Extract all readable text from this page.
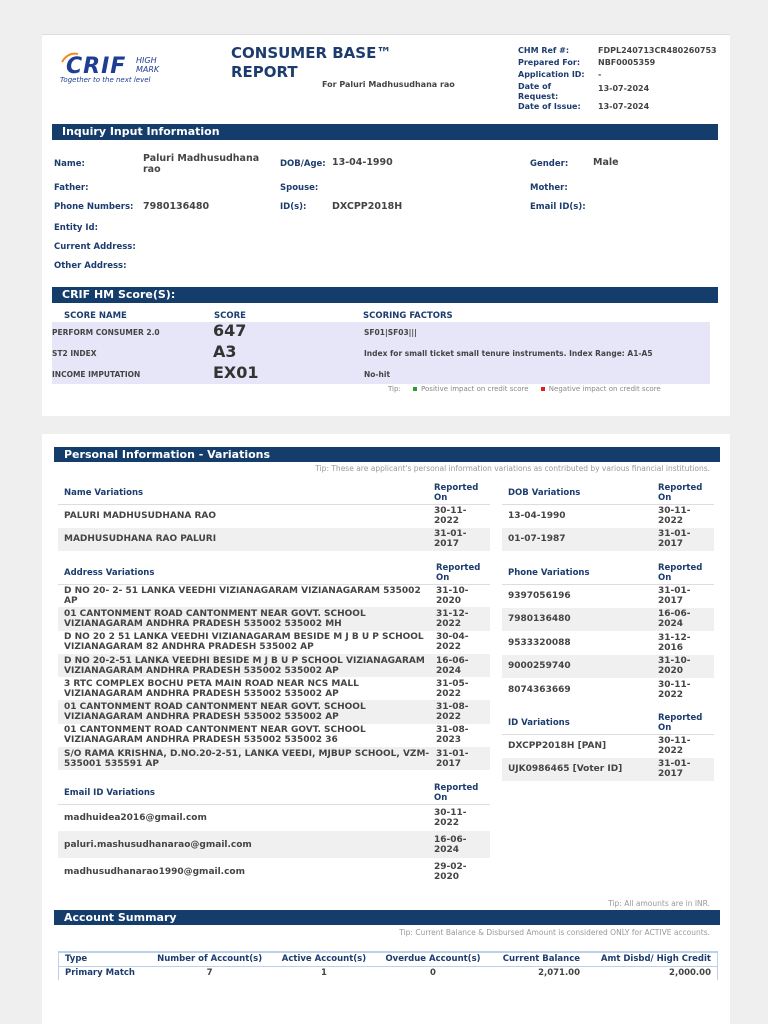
CRIF HIGH
MARK
Together to the next level
CONSUMER BASE™
REPORT
For Paluri Madhusudhana rao
CHM Ref #:	FDPL240713CR480260753
Prepared For:	NBF0005359
Application ID:	-
Date of Request:
13-07-2024
Date of Issue:	13-07-2024
Inquiry Input Information
Name:	Paluri Madhusudhana rao	DOB/Age: 13-04-1990	Gender:	Male
Father:	Spouse:	Mother:
Phone Numbers: 7980136480	ID(s):	DXCPP2018H	Email ID(s):
Entity Id:
Current Address:
Other Address:
CRIF HM Score(S):
SCORE NAME	SCORE	SCORING FACTORS
PERFORM CONSUMER 2.0	647	SF01|SF03|||
ST2 INDEX	A3	Index for small ticket small tenure instruments. Index Range: A1-A5
INCOME IMPUTATION	EX01	No-hit
Tip:	Positive impact on credit score	Negative impact on credit score
Personal Information - Variations
Tip: These are applicant's personal information variations as contributed by various financial institutions.
Name Variations	Reported On
PALURI MADHUSUDHANA RAO	30-11-2022
MADHUSUDHANA RAO PALURI	31-01-2017
DOB Variations	Reported On
13-04-1990	30-11-2022
01-07-1987	31-01-2017
Address Variations	Reported On
D NO 20- 2- 51 LANKA VEEDHI VIZIANAGARAM VIZIANAGARAM 535002 AP	31-10-2020
01 CANTONMENT ROAD CANTONMENT NEAR GOVT. SCHOOL VIZIANAGARAM ANDHRA PRADESH 535002 535002 MH	31-12-2022
D NO 20 2 51 LANKA VEEDHI VIZIANAGARAM BESIDE M J B U P SCHOOL VIZIANAGARAM 82 ANDHRA PRADESH 535002 AP	30-04-2022
D NO 20-2-51 LANKA VEEDHI BESIDE M J B U P SCHOOL VIZIANAGARAM VIZIANAGARAM ANDHRA PRADESH 535002 535002 AP	16-06-2024
3 RTC COMPLEX BOCHU PETA MAIN ROAD NEAR NCS MALL VIZIANAGARAM ANDHRA PRADESH 535002 535002 AP	31-05-2022
01 CANTONMENT ROAD CANTONMENT NEAR GOVT. SCHOOL VIZIANAGARAM ANDHRA PRADESH 535002 535002 AP	31-08-2022
01 CANTONMENT ROAD CANTONMENT NEAR GOVT. SCHOOL VIZIANAGARAM ANDHRA PRADESH 535002 535002 36	31-08-2023
S/O RAMA KRISHNA, D.NO.20-2-51, LANKA VEEDI, MJBUP SCHOOL, VZM-535001 535591 AP	31-01-2017
Phone Variations	Reported On
9397056196	31-01-2017
7980136480	16-06-2024
9533320088	31-12-2016
9000259740	31-10-2020
8074363669	30-11-2022
ID Variations	Reported On
DXCPP2018H [PAN]	30-11-2022
UJK0986465 [Voter ID]	31-01-2017
Email ID Variations	Reported On
madhuidea2016@gmail.com	30-11-2022
paluri.mashusudhanarao@gmail.com	16-06-2024
madhusudhanarao1990@gmail.com	29-02-2020
Tip: All amounts are in INR.
Account Summary
Tip: Current Balance & Disbursed Amount is considered ONLY for ACTIVE accounts.
Type	Number of Account(s)	Active Account(s)	Overdue Account(s)	Current Balance	Amt Disbd/ High Credit
Primary Match	7	1	0	2,071.00	2,000.00
